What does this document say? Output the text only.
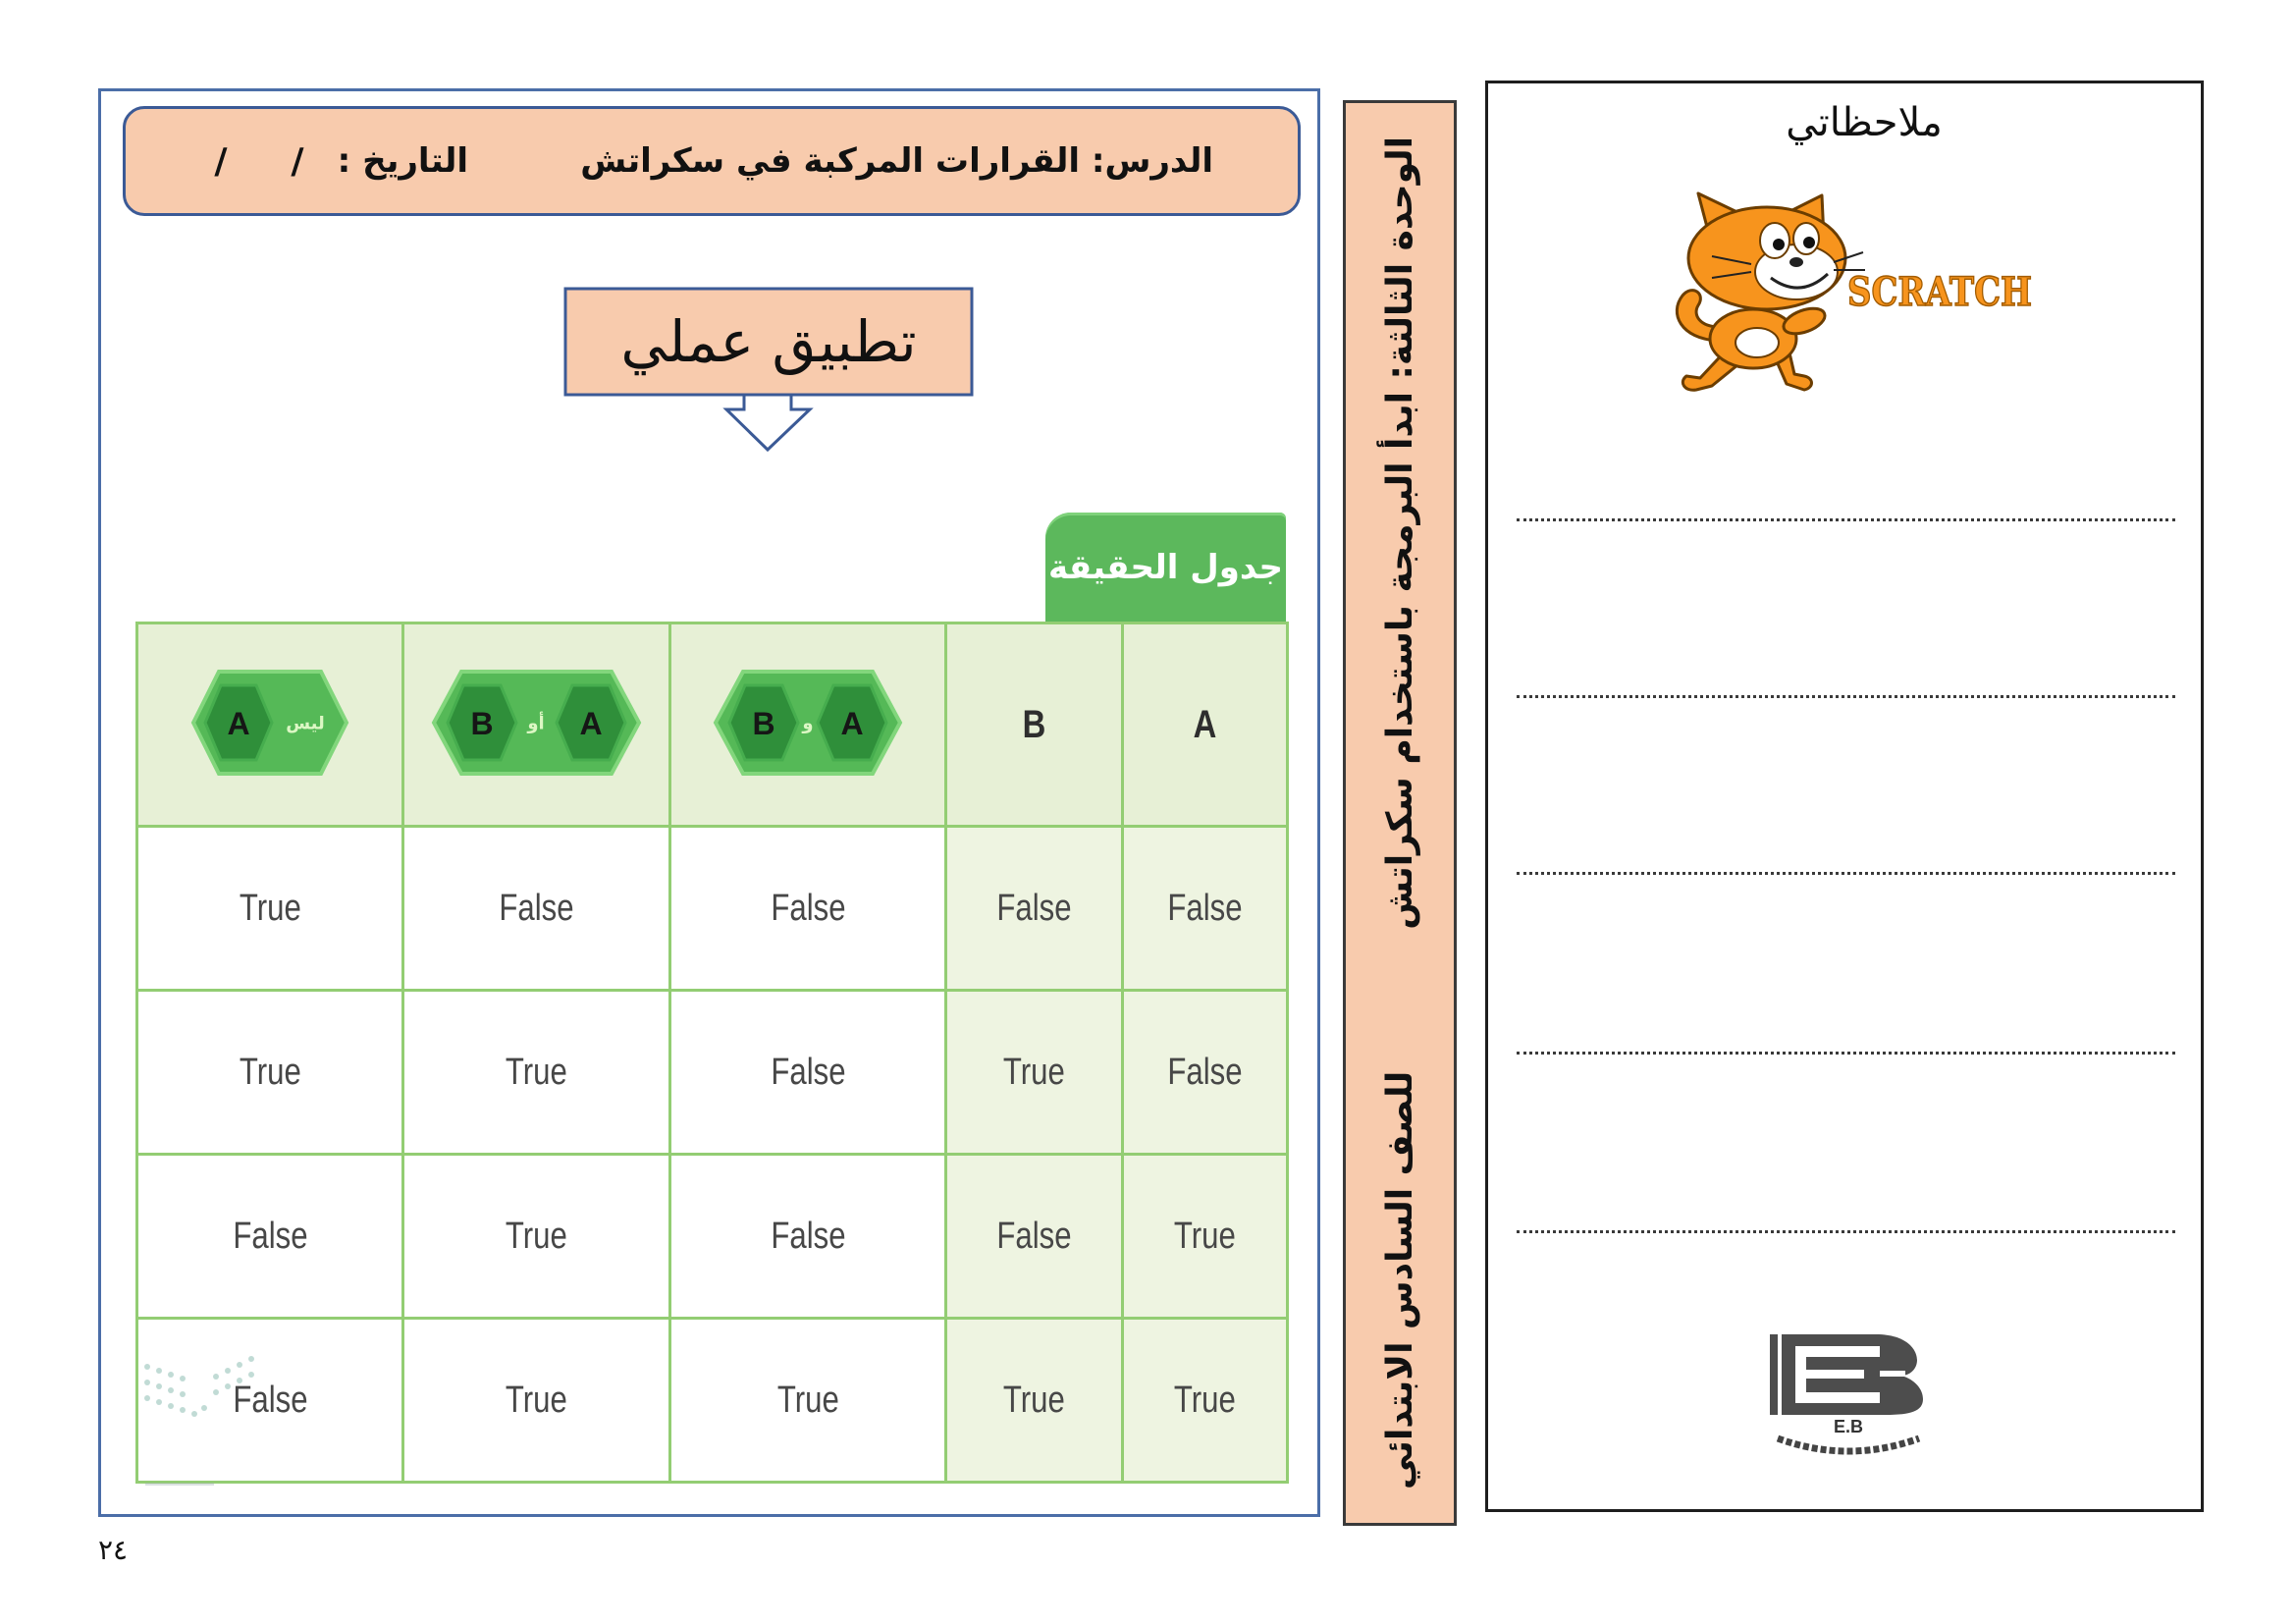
الدرس: القرارات المركبة في سكراتش
التاريخ :
/
/
تطبيق عملي
جدول الحقيقة
A	B	B و A	B أو A	A ليس

False	False	False	False	True
False	True	False	True	True
True	False	False	True	False
True	True	True	True	False
الوحدة الثالثة: ابدأ البرمجة باستخدام سكراتش
للصف السادس الابتدائي
ملاحظاتي
SCRATCH
E.B
٢٤
